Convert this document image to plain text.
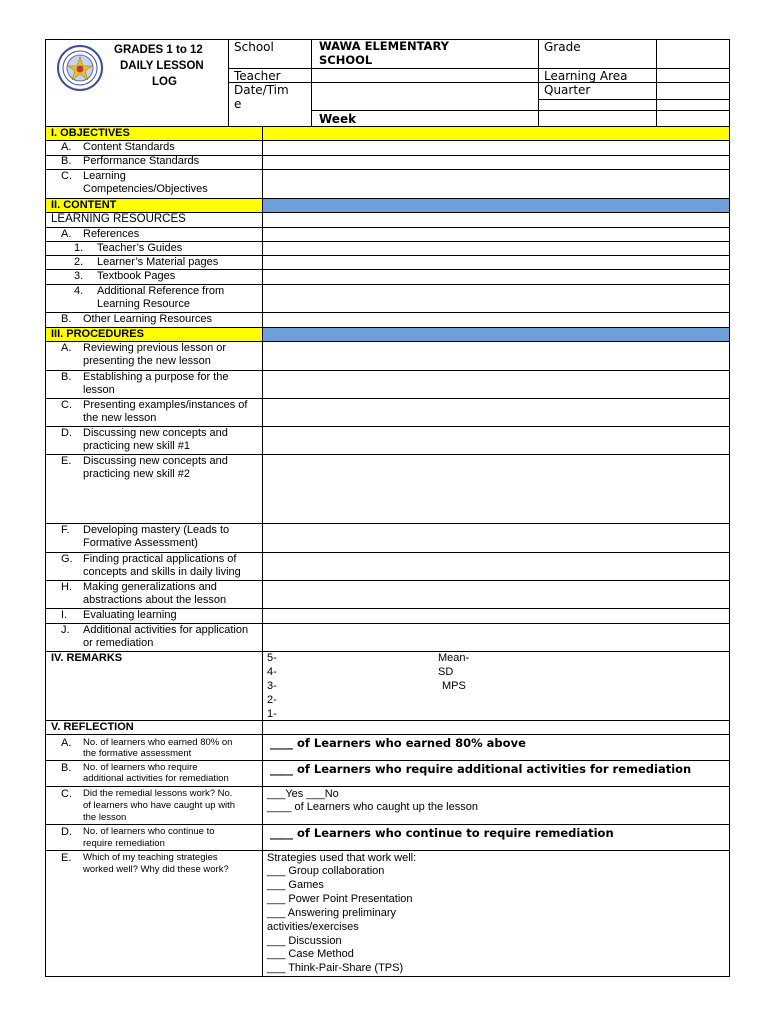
GRADES 1 to 12
DAILY LESSON
LOG
School	WAWA ELEMENTARY
SCHOOL
Teacher
Date/Tim
e
Week
Grade
Learning Area
Quarter
I. OBJECTIVES
A. Content Standards
B. Performance Standards
C. Learning
Competencies/Objectives
II. CONTENT
LEARNING RESOURCES
A. References
1. Teacher’s Guides
2. Learner’s Material pages
3. Textbook Pages
4. Additional Reference from
Learning Resource
B. Other Learning Resources
III. PROCEDURES
A. Reviewing previous lesson or
presenting the new lesson
B. Establishing a purpose for the
lesson
C. Presenting examples/instances of
the new lesson
D. Discussing new concepts and
practicing new skill #1
E. Discussing new concepts and
practicing new skill #2
F. Developing mastery (Leads to
Formative Assessment)
G. Finding practical applications of
concepts and skills in daily living
H. Making generalizations and
abstractions about the lesson
I. Evaluating learning
J. Additional activities for application
or remediation
IV. REMARKS	5-
4-
3-
2-
1-
Mean-
SD
MPS
V. REFLECTION
A. No. of learners who earned 80% on
the formative assessment
____ of Learners who earned 80% above
B. No. of learners who require
additional activities for remediation
____ of Learners who require additional activities for remediation
C. Did the remedial lessons work? No.
of learners who have caught up with
the lesson
___Yes ___No
____ of Learners who caught up the lesson
D. No. of learners who continue to
require remediation
____ of Learners who continue to require remediation
E. Which of my teaching strategies
worked well? Why did these work?
Strategies used that work well:
___ Group collaboration
___ Games
___ Power Point Presentation
___ Answering preliminary
activities/exercises
___ Discussion
___ Case Method
___ Think-Pair-Share (TPS)
